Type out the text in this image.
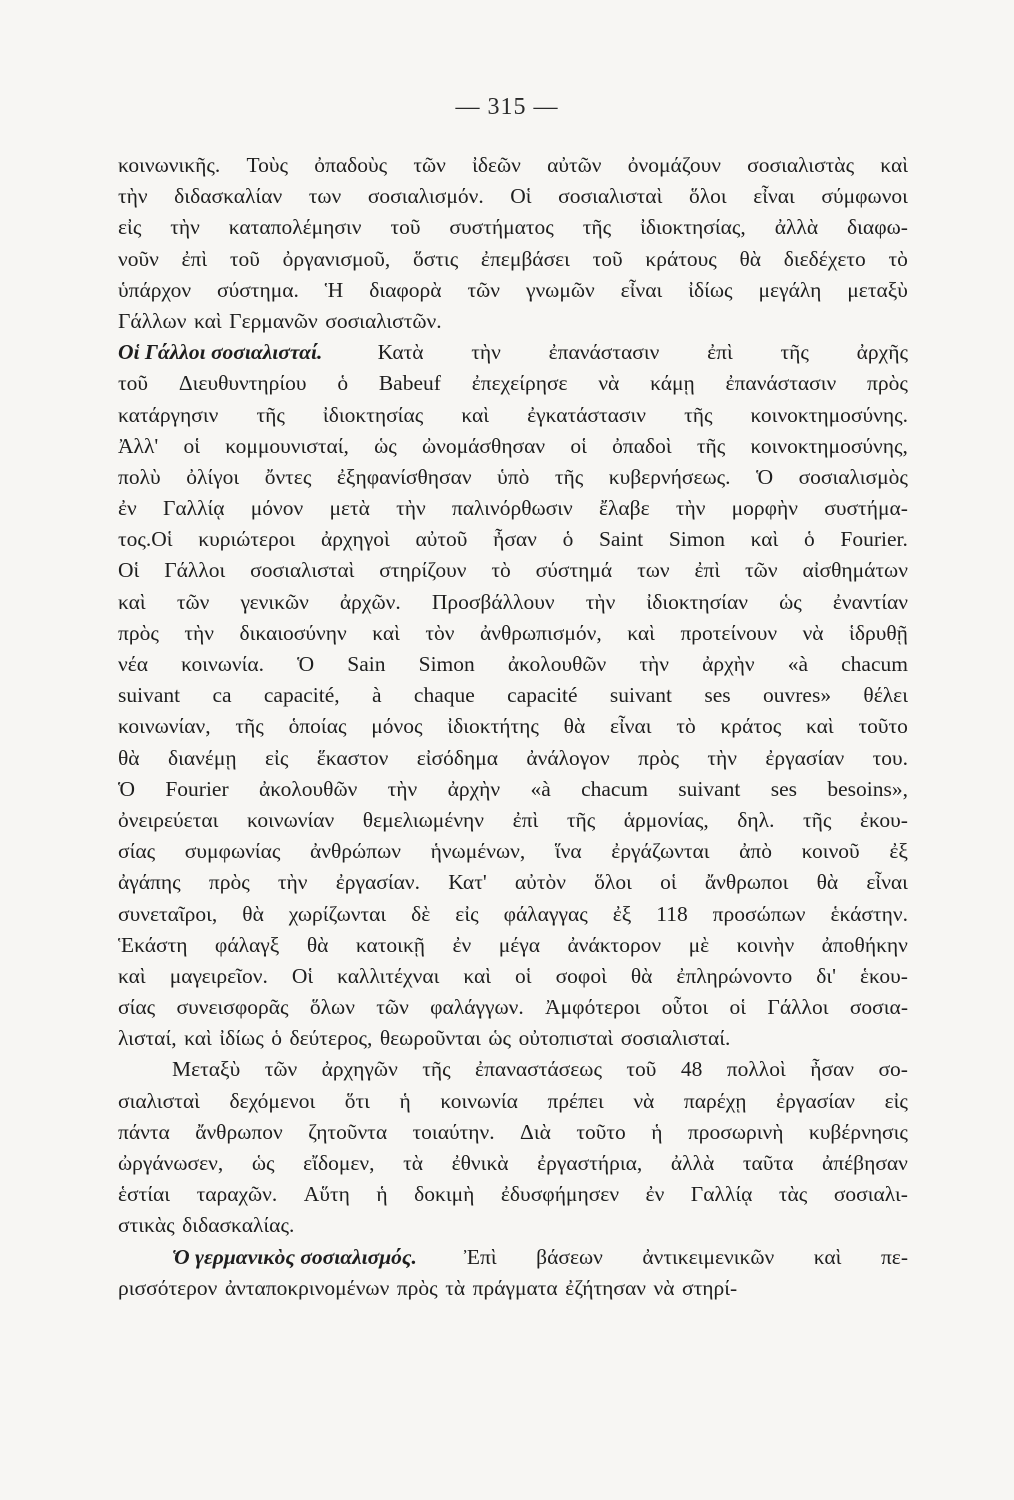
— 315 —
κοινωνικῆς. Τοὺς ὀπαδοὺς τῶν ἰδεῶν αὐτῶν ὀνομάζουν σοσιαλιστὰς καὶ
τὴν διδασκαλίαν των σοσιαλισμόν. Οἱ σοσιαλισταὶ ὅλοι εἶναι σύμφωνοι
εἰς τὴν καταπολέμησιν τοῦ συστήματος τῆς ἰδιοκτησίας, ἀλλὰ διαφω-
νοῦν ἐπὶ τοῦ ὀργανισμοῦ, ὅστις ἐπεμβάσει τοῦ κράτους θὰ διεδέχετο τὸ
ὑπάρχον σύστημα. Ἡ διαφορὰ τῶν γνωμῶν εἶναι ἰδίως μεγάλη μεταξὺ
Γάλλων καὶ Γερμανῶν σοσιαλιστῶν.
Οἱ Γάλλοι σοσιαλισταί.	Κατὰ τὴν ἐπανάστασιν ἐπὶ τῆς ἀρχῆς
τοῦ Διευθυντηρίου ὁ Babeuf ἐπεχείρησε νὰ κάμῃ ἐπανάστασιν πρὸς
κατάργησιν τῆς ἰδιοκτησίας καὶ ἐγκατάστασιν τῆς κοινοκτημοσύνης.
Ἀλλ' οἱ κομμουνισταί, ὡς ὠνομάσθησαν οἱ ὀπαδοὶ τῆς κοινοκτημοσύνης,
πολὺ ὀλίγοι ὄντες ἐξηφανίσθησαν ὑπὸ τῆς κυβερνήσεως. Ὁ σοσιαλισμὸς
ἐν Γαλλίᾳ μόνον μετὰ τὴν παλινόρθωσιν ἔλαβε τὴν μορφὴν συστήμα-
τος.Οἱ κυριώτεροι ἀρχηγοὶ αὐτοῦ ἦσαν ὁ Saint Simon καὶ ὁ Fourier.
Οἱ Γάλλοι σοσιαλισταὶ στηρίζουν τὸ σύστημά των ἐπὶ τῶν αἰσθημάτων
καὶ τῶν γενικῶν ἀρχῶν. Προσβάλλουν τὴν ἰδιοκτησίαν ὡς ἐναντίαν
πρὸς τὴν δικαιοσύνην καὶ τὸν ἀνθρωπισμόν, καὶ προτείνουν νὰ ἱδρυθῇ
νέα κοινωνία. Ὁ Sain Simon ἀκολουθῶν τὴν ἀρχὴν «à chacum
suivant ca capacité, à chaque capacité suivant ses ouvres» θέλει
κοινωνίαν, τῆς ὁποίας μόνος ἰδιοκτήτης θὰ εἶναι τὸ κράτος καὶ τοῦτο
θὰ διανέμῃ εἰς ἕκαστον εἰσόδημα ἀνάλογον πρὸς τὴν ἐργασίαν του.
Ὁ Fourier ἀκολουθῶν τὴν ἀρχὴν «à chacum suivant ses besoins»,
ὀνειρεύεται κοινωνίαν θεμελιωμένην ἐπὶ τῆς ἁρμονίας, δηλ. τῆς ἐκου-
σίας συμφωνίας ἀνθρώπων ἡνωμένων, ἵνα ἐργάζωνται ἀπὸ κοινοῦ ἐξ
ἀγάπης πρὸς τὴν ἐργασίαν. Κατ' αὐτὸν ὅλοι οἱ ἄνθρωποι θὰ εἶναι
συνεταῖροι, θὰ χωρίζωνται δὲ εἰς φάλαγγας ἐξ 118 προσώπων ἑκάστην.
Ἑκάστη φάλαγξ θὰ κατοικῇ ἐν μέγα ἀνάκτορον μὲ κοινὴν ἀποθήκην
καὶ μαγειρεῖον. Οἱ καλλιτέχναι καὶ οἱ σοφοὶ θὰ ἐπληρώνοντο δι' ἑκου-
σίας συνεισφορᾶς ὅλων τῶν φαλάγγων. Ἀμφότεροι οὗτοι οἱ Γάλλοι σοσια-
λισταί, καὶ ἰδίως ὁ δεύτερος, θεωροῦνται ὡς οὐτοπισταὶ σοσιαλισταί.
Μεταξὺ τῶν ἀρχηγῶν τῆς ἐπαναστάσεως τοῦ 48 πολλοὶ ἦσαν σο-
σιαλισταὶ δεχόμενοι ὅτι ἡ κοινωνία πρέπει νὰ παρέχῃ ἐργασίαν εἰς
πάντα ἄνθρωπον ζητοῦντα τοιαύτην. Διὰ τοῦτο ἡ προσωρινὴ κυβέρνησις
ὠργάνωσεν, ὡς εἴδομεν, τὰ ἐθνικὰ ἐργαστήρια, ἀλλὰ ταῦτα ἀπέβησαν
ἑστίαι ταραχῶν. Αὕτη ἡ δοκιμὴ ἐδυσφήμησεν ἐν Γαλλίᾳ τὰς σοσιαλι-
στικὰς διδασκαλίας.
Ὁ γερμανικὸς σοσιαλισμός. Ἐπὶ βάσεων ἀντικειμενικῶν καὶ πε-
ρισσότερον ἀνταποκρινομένων πρὸς τὰ πράγματα ἐζήτησαν νὰ στηρί-
